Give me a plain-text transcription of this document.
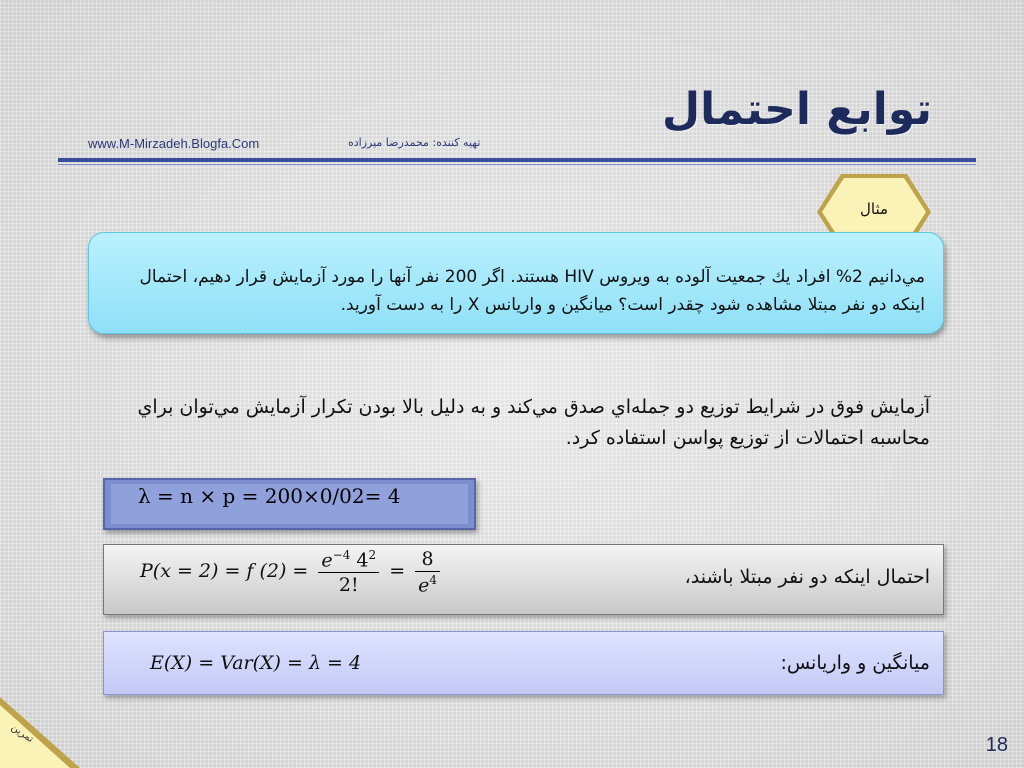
توابع احتمال
www.M-Mirzadeh.Blogfa.Com	تهيه كننده: محمدرضا ميرزاده
مثال
مي‌دانيم 2% افراد يك جمعيت آلوده به ويروس HIV هستند. اگر 200 نفر آنها را مورد آزمايش قرار دهيم، احتمال اينكه دو نفر مبتلا مشاهده شود چقدر است؟ ميانگين و واريانس X را به دست آوريد.
آزمايش فوق در شرايط توزيع دو جمله‌اي صدق مي‌كند و به دليل بالا بودن تكرار آزمايش مي‌توان براي محاسبه احتمالات از توزيع پواسن استفاده كرد.
λ = n × p = 200×0/02= 4
احتمال اينكه دو نفر مبتلا باشند،
P(x = 2) = f $(2) = \frac{e^{-4} 4^2}{2!} = \frac{8}{e^4}$
ميانگين و واريانس:
E(X) = Var(X) = λ = 4
تمرين	18
